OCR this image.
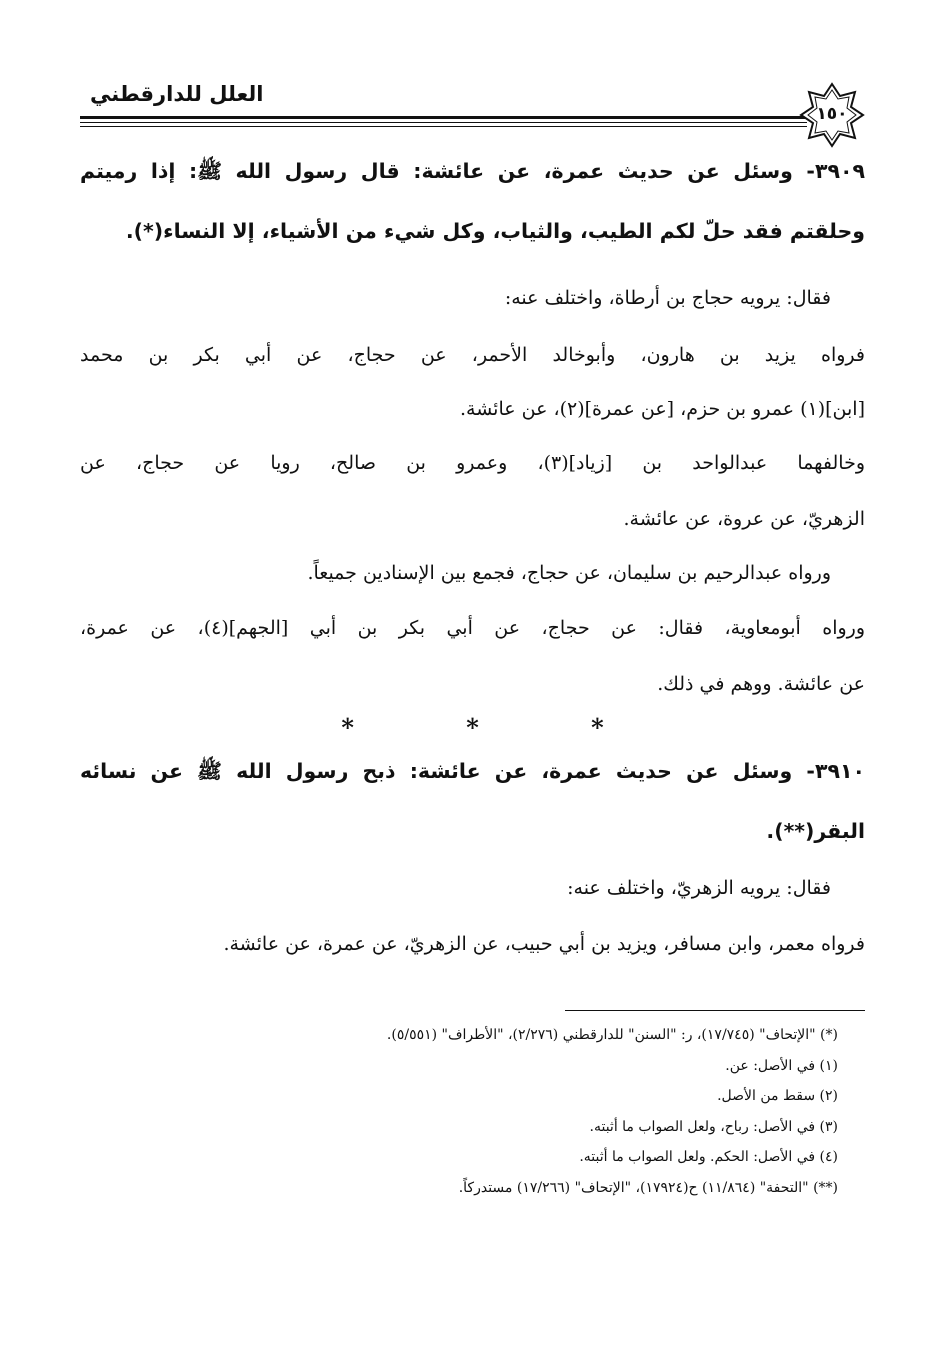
العلل للدارقطني
١٥٠

٣٩٠٩- وسئل عن حديث عمرة، عن عائشة: قال رسول الله ﷺ: إذا رميتم

وحلقتم فقد حلّ لكم الطيب، والثياب، وكل شيء من الأشياء، إلا النساء(*).

فقال: يرويه حجاج بن أرطاة، واختلف عنه:

فرواه يزيد بن هارون، وأبوخالد الأحمر، عن حجاج، عن أبي بكر بن محمد

[ابن](١) عمرو بن حزم، [عن عمرة](٢)، عن عائشة.

وخالفهما عبدالواحد بن [زياد](٣)، وعمرو بن صالح، رويا عن حجاج، عن

الزهريّ، عن عروة، عن عائشة.

ورواه عبدالرحيم بن سليمان، عن حجاج، فجمع بين الإسنادين جميعاً.

ورواه أبومعاوية، فقال: عن حجاج، عن أبي بكر بن أبي [الجهم](٤)، عن عمرة،

عن عائشة. ووهم في ذلك.

* * *

٣٩١٠- وسئل عن حديث عمرة، عن عائشة: ذبح رسول الله ﷺ عن نسائه

البقر(**).

فقال: يرويه الزهريّ، واختلف عنه:

فرواه معمر، وابن مسافر، ويزيد بن أبي حبيب، عن الزهريّ، عن عمرة، عن عائشة.

(*) "الإتحاف" (١٧/٧٤٥)، ر: "السنن" للدارقطني (٢/٢٧٦)، "الأطراف" (٥/٥٥١).

(١) في الأصل: عن.

(٢) سقط من الأصل.

(٣) في الأصل: رباح، ولعل الصواب ما أثبته.

(٤) في الأصل: الحكم. ولعل الصواب ما أثبته.

(**) "التحفة" (١١/٨٦٤) ح(١٧٩٢٤)، "الإتحاف" (١٧/٢٦٦) مستدركاً.
